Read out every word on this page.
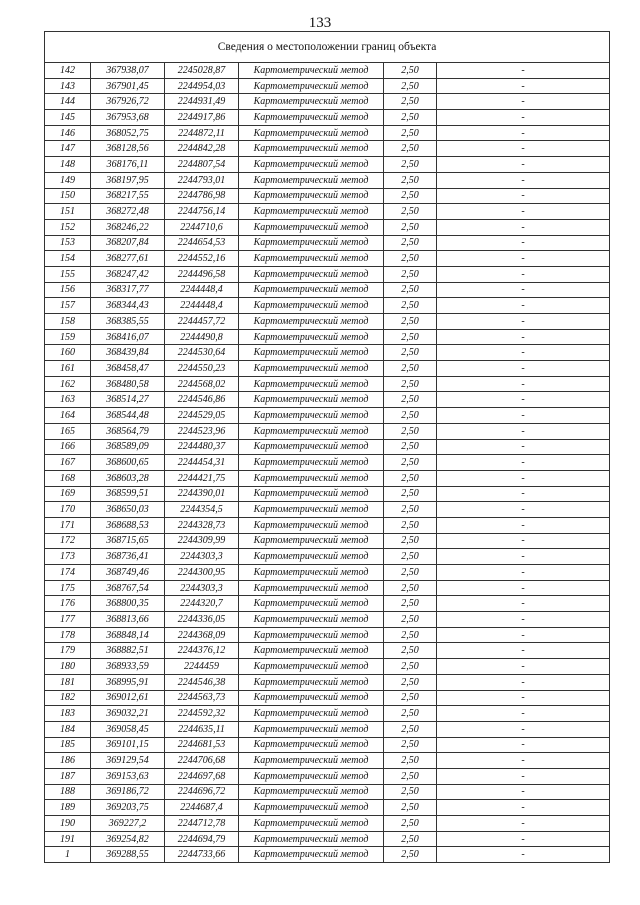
133
Сведения о местоположении границ объекта					
142	367938,07	2245028,87	Картометрический метод	2,50	-
143	367901,45	2244954,03	Картометрический метод	2,50	-
144	367926,72	2244931,49	Картометрический метод	2,50	-
145	367953,68	2244917,86	Картометрический метод	2,50	-
146	368052,75	2244872,11	Картометрический метод	2,50	-
147	368128,56	2244842,28	Картометрический метод	2,50	-
148	368176,11	2244807,54	Картометрический метод	2,50	-
149	368197,95	2244793,01	Картометрический метод	2,50	-
150	368217,55	2244786,98	Картометрический метод	2,50	-
151	368272,48	2244756,14	Картометрический метод	2,50	-
152	368246,22	2244710,6	Картометрический метод	2,50	-
153	368207,84	2244654,53	Картометрический метод	2,50	-
154	368277,61	2244552,16	Картометрический метод	2,50	-
155	368247,42	2244496,58	Картометрический метод	2,50	-
156	368317,77	2244448,4	Картометрический метод	2,50	-
157	368344,43	2244448,4	Картометрический метод	2,50	-
158	368385,55	2244457,72	Картометрический метод	2,50	-
159	368416,07	2244490,8	Картометрический метод	2,50	-
160	368439,84	2244530,64	Картометрический метод	2,50	-
161	368458,47	2244550,23	Картометрический метод	2,50	-
162	368480,58	2244568,02	Картометрический метод	2,50	-
163	368514,27	2244546,86	Картометрический метод	2,50	-
164	368544,48	2244529,05	Картометрический метод	2,50	-
165	368564,79	2244523,96	Картометрический метод	2,50	-
166	368589,09	2244480,37	Картометрический метод	2,50	-
167	368600,65	2244454,31	Картометрический метод	2,50	-
168	368603,28	2244421,75	Картометрический метод	2,50	-
169	368599,51	2244390,01	Картометрический метод	2,50	-
170	368650,03	2244354,5	Картометрический метод	2,50	-
171	368688,53	2244328,73	Картометрический метод	2,50	-
172	368715,65	2244309,99	Картометрический метод	2,50	-
173	368736,41	2244303,3	Картометрический метод	2,50	-
174	368749,46	2244300,95	Картометрический метод	2,50	-
175	368767,54	2244303,3	Картометрический метод	2,50	-
176	368800,35	2244320,7	Картометрический метод	2,50	-
177	368813,66	2244336,05	Картометрический метод	2,50	-
178	368848,14	2244368,09	Картометрический метод	2,50	-
179	368882,51	2244376,12	Картометрический метод	2,50	-
180	368933,59	2244459	Картометрический метод	2,50	-
181	368995,91	2244546,38	Картометрический метод	2,50	-
182	369012,61	2244563,73	Картометрический метод	2,50	-
183	369032,21	2244592,32	Картометрический метод	2,50	-
184	369058,45	2244635,11	Картометрический метод	2,50	-
185	369101,15	2244681,53	Картометрический метод	2,50	-
186	369129,54	2244706,68	Картометрический метод	2,50	-
187	369153,63	2244697,68	Картометрический метод	2,50	-
188	369186,72	2244696,72	Картометрический метод	2,50	-
189	369203,75	2244687,4	Картометрический метод	2,50	-
190	369227,2	2244712,78	Картометрический метод	2,50	-
191	369254,82	2244694,79	Картометрический метод	2,50	-
1	369288,55	2244733,66	Картометрический метод	2,50	-
